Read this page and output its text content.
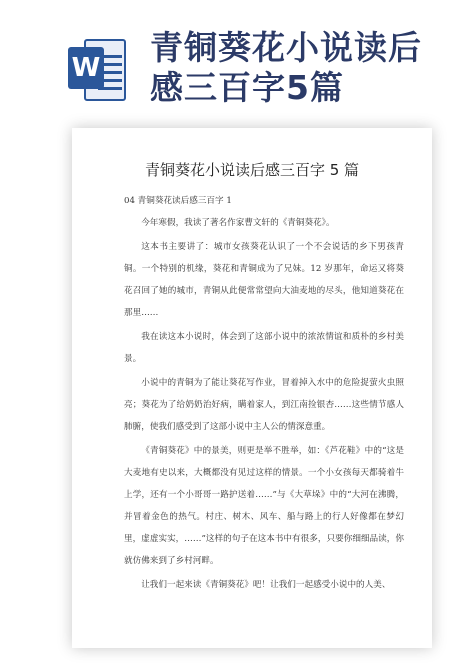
W
青铜葵花小说读后
感三百字5篇
青铜葵花小说读后感三百字 5 篇

04 青铜葵花读后感三百字 1

今年寒假，我读了著名作家曹文轩的《青铜葵花》。

这本书主要讲了：城市女孩葵花认识了一个不会说话的乡下男孩青铜。一个特别的机缘，葵花和青铜成为了兄妹。12 岁那年，命运又将葵花召回了她的城市，青铜从此便常常望向大油麦地的尽头，他知道葵花在那里……

我在读这本小说时，体会到了这部小说中的浓浓情谊和质朴的乡村美景。

小说中的青铜为了能让葵花写作业，冒着掉入水中的危险捉萤火虫照亮；葵花为了给奶奶治好病，瞒着家人，到江南捡银杏……这些情节感人肺腑，使我们感受到了这部小说中主人公的情深意重。

《青铜葵花》中的景美，则更是举不胜举，如：《芦花鞋》中的“这是大麦地有史以来，大概都没有见过这样的情景。一个小女孩每天都骑着牛上学，还有一个小哥哥一路护送着……”与《大草垛》中的“大河在沸腾，并冒着金色的热气。村庄、树木、风车、船与路上的行人好像都在梦幻里，虚虚实实，……”这样的句子在这本书中有很多，只要你细细品读，你就仿佛来到了乡村河畔。

让我们一起来读《青铜葵花》吧！让我们一起感受小说中的人美、
